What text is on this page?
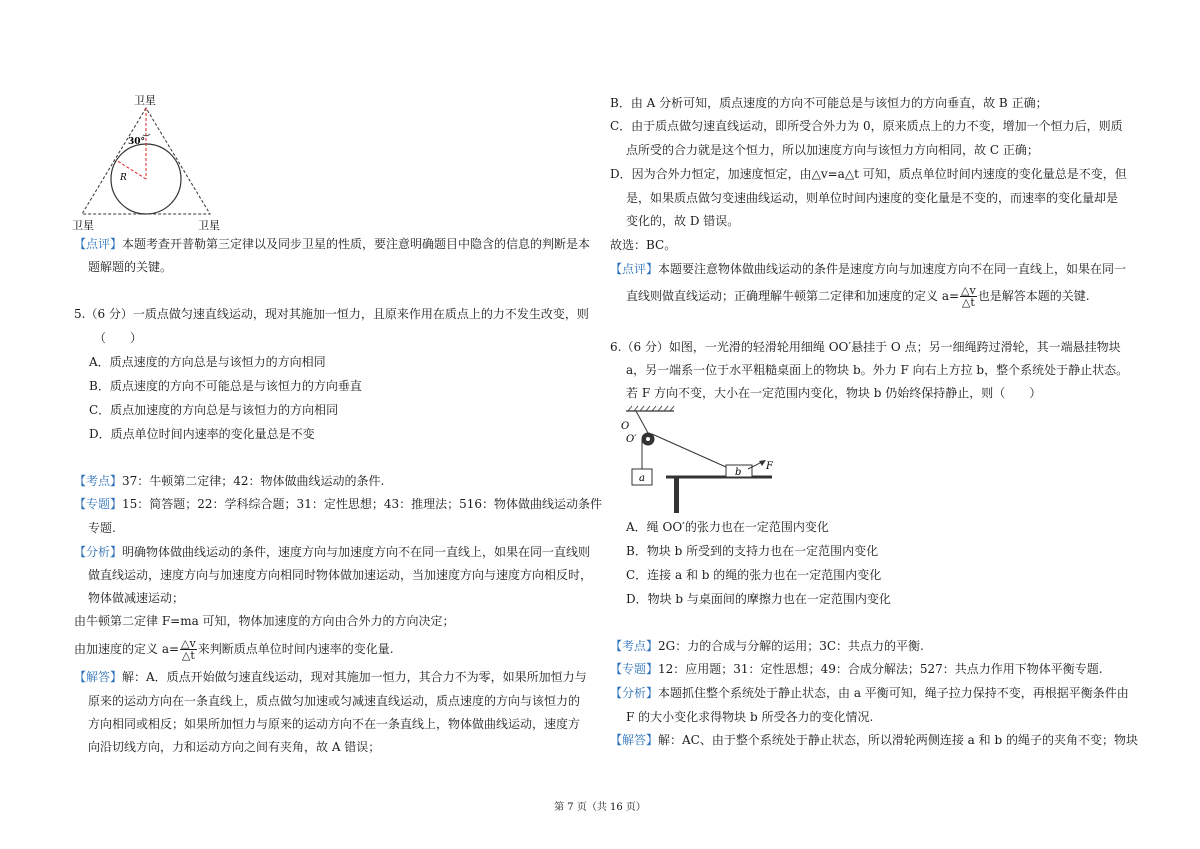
卫星
30°
R
卫星	卫星
【点评】本题考查开普勒第三定律以及同步卫星的性质，要注意明确题目中隐含的信息的判断是本
题解题的关键。
5.（6 分）一质点做匀速直线运动，现对其施加一恒力，且原来作用在质点上的力不发生改变，则
（　　）
A．质点速度的方向总是与该恒力的方向相同
B．质点速度的方向不可能总是与该恒力的方向垂直
C．质点加速度的方向总是与该恒力的方向相同
D．质点单位时间内速率的变化量总是不变
【考点】37：牛顿第二定律；42：物体做曲线运动的条件.
【专题】15：简答题；22：学科综合题；31：定性思想；43：推理法；516：物体做曲线运动条件
专题.
【分析】明确物体做曲线运动的条件，速度方向与加速度方向不在同一直线上，如果在同一直线则
做直线运动，速度方向与加速度方向相同时物体做加速运动，当加速度方向与速度方向相反时，
物体做减速运动；
由牛顿第二定律 F=ma 可知，物体加速度的方向由合外力的方向决定；
由加速度的定义 $a= \frac{\triangle v}{\triangle t}$ 来判断质点单位时间内速率的变化量.
【解答】解：A．质点开始做匀速直线运动，现对其施加一恒力，其合力不为零，如果所加恒力与
原来的运动方向在一条直线上，质点做匀加速或匀减速直线运动，质点速度的方向与该恒力的
方向相同或相反；如果所加恒力与原来的运动方向不在一条直线上，物体做曲线运动，速度方
向沿切线方向，力和运动方向之间有夹角，故 A 错误；
B．由 A 分析可知，质点速度的方向不可能总是与该恒力的方向垂直，故 B 正确；
C．由于质点做匀速直线运动，即所受合外力为 0，原来质点上的力不变，增加一个恒力后，则质
点所受的合力就是这个恒力，所以加速度方向与该恒力方向相同，故 C 正确；
D．因为合外力恒定，加速度恒定，由△v=a△t 可知，质点单位时间内速度的变化量总是不变，但
是，如果质点做匀变速曲线运动，则单位时间内速度的变化量是不变的，而速率的变化量却是
变化的，故 D 错误。
故选：BC。
【点评】本题要注意物体做曲线运动的条件是速度方向与加速度方向不在同一直线上，如果在同一
直线则做直线运动；正确理解牛顿第二定律和加速度的定义 $a= \frac{\triangle v}{\triangle t}$ 也是解答本题的关键.
6.（6 分）如图，一光滑的轻滑轮用细绳 OO′悬挂于 O 点；另一细绳跨过滑轮，其一端悬挂物块
a，另一端系一位于水平粗糙桌面上的物块 b。外力 F 向右上方拉 b，整个系统处于静止状态。
若 F 方向不变，大小在一定范围内变化，物块 b 仍始终保持静止，则（　　）
O
O′
a
b
F
A．绳 OO′的张力也在一定范围内变化
B．物块 b 所受到的支持力也在一定范围内变化
C．连接 a 和 b 的绳的张力也在一定范围内变化
D．物块 b 与桌面间的摩擦力也在一定范围内变化
【考点】2G：力的合成与分解的运用；3C：共点力的平衡.
【专题】12：应用题；31：定性思想；49：合成分解法；527：共点力作用下物体平衡专题.
【分析】本题抓住整个系统处于静止状态，由 a 平衡可知，绳子拉力保持不变，再根据平衡条件由
F 的大小变化求得物块 b 所受各力的变化情况.
【解答】解：AC、由于整个系统处于静止状态，所以滑轮两侧连接 a 和 b 的绳子的夹角不变；物块
第 7 页（共 16 页）
